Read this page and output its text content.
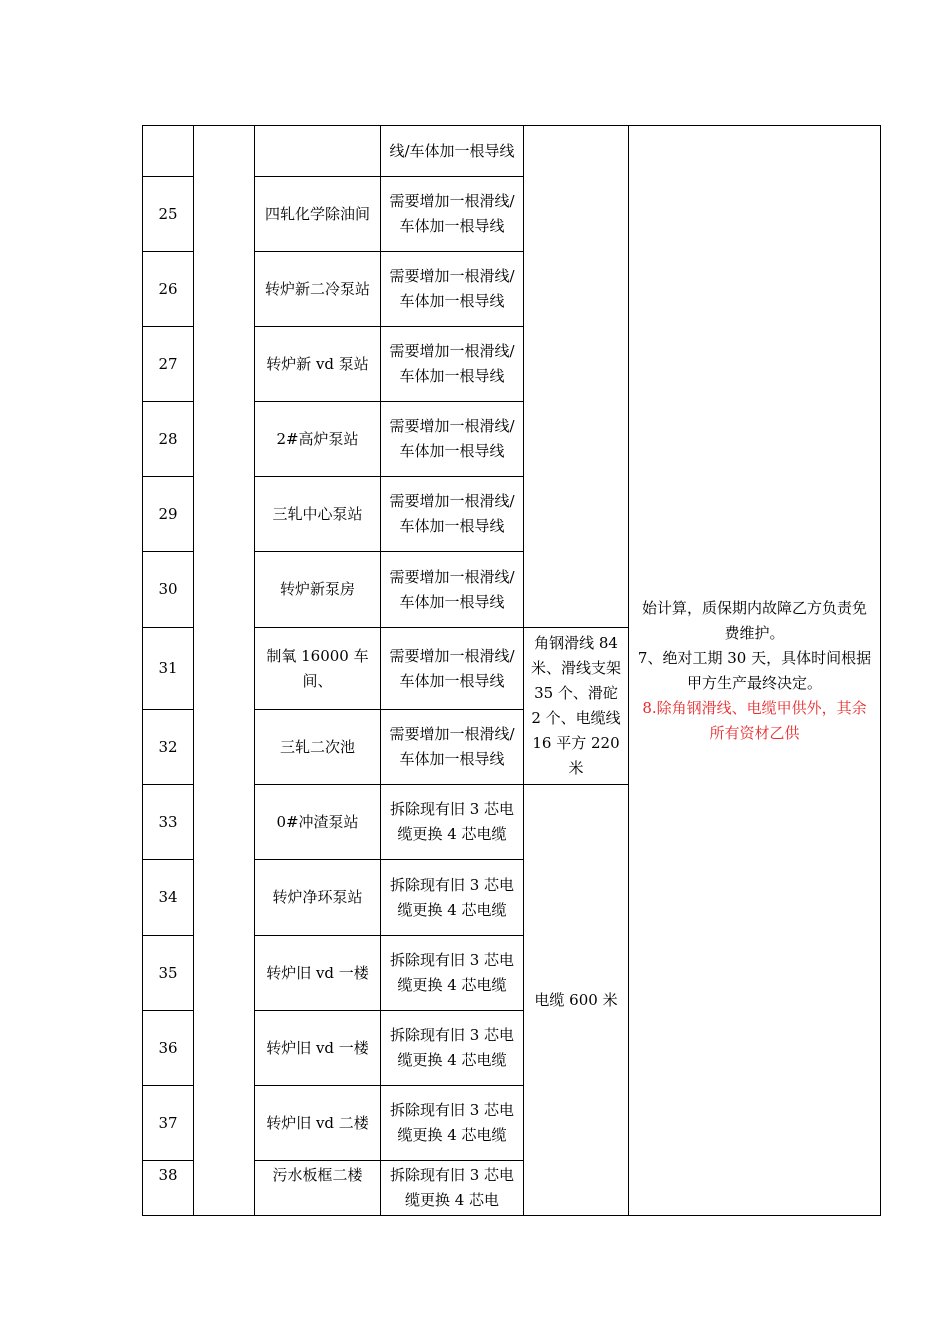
			线/车体加一根导线		始计算，质保期内故障乙方负责免费维护。
7、绝对工期 30 天，具体时间根据甲方生产最终决定。
8.除角钢滑线、电缆甲供外，其余所有资材乙供

25		四轧化学除油间	需要增加一根滑线/车体加一根导线		
26		转炉新二冷泵站	需要增加一根滑线/车体加一根导线		
27		转炉新 vd 泵站	需要增加一根滑线/车体加一根导线		
28		2#高炉泵站	需要增加一根滑线/车体加一根导线		
29		三轧中心泵站	需要增加一根滑线/车体加一根导线		
30		转炉新泵房	需要增加一根滑线/车体加一根导线		
31		制氧 16000 车间、	需要增加一根滑线/车体加一根导线	角钢滑线 84 米、滑线支架 35 个、滑砣 2 个、电缆线 16 平方 220 米	
32		三轧二次池	需要增加一根滑线/车体加一根导线		
33		0#冲渣泵站	拆除现有旧 3 芯电缆更换 4 芯电缆	电缆 600 米	
34		转炉净环泵站	拆除现有旧 3 芯电缆更换 4 芯电缆		
35		转炉旧 vd 一楼	拆除现有旧 3 芯电缆更换 4 芯电缆		
36		转炉旧 vd 一楼	拆除现有旧 3 芯电缆更换 4 芯电缆		
37		转炉旧 vd 二楼	拆除现有旧 3 芯电缆更换 4 芯电缆		
38		污水板框二楼	拆除现有旧 3 芯电缆更换 4 芯电		
